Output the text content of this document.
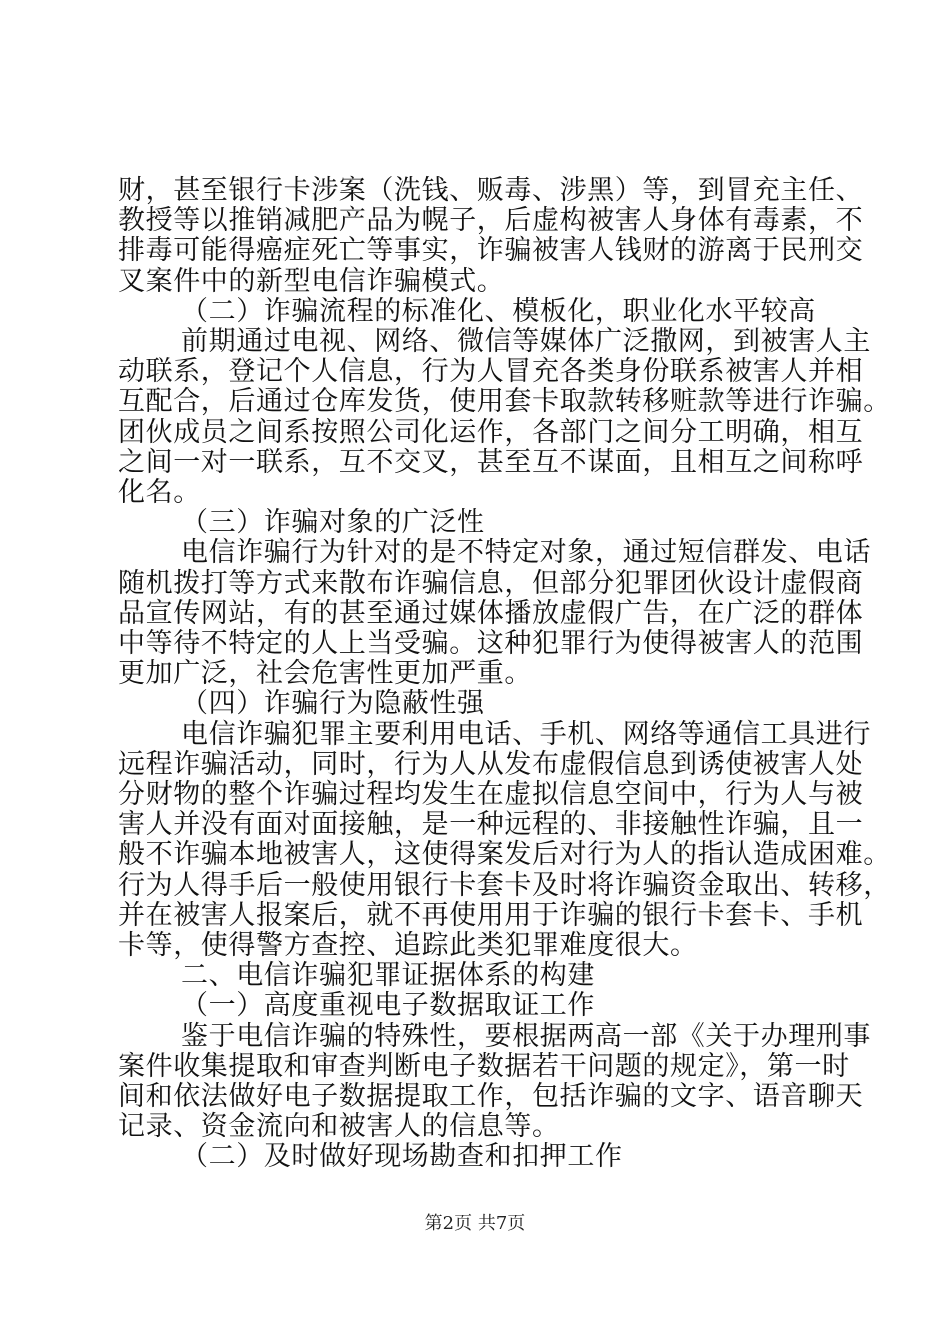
财，甚至银行卡涉案（洗钱、贩毒、涉黑）等，到冒充主任、
教授等以推销减肥产品为幌子，后虚构被害人身体有毒素，不
排毒可能得癌症死亡等事实，诈骗被害人钱财的游离于民刑交
叉案件中的新型电信诈骗模式。
（二）诈骗流程的标准化、模板化，职业化水平较高
前期通过电视、网络、微信等媒体广泛撒网，到被害人主
动联系，登记个人信息，行为人冒充各类身份联系被害人并相
互配合，后通过仓库发货，使用套卡取款转移赃款等进行诈骗。
团伙成员之间系按照公司化运作，各部门之间分工明确，相互
之间一对一联系，互不交叉，甚至互不谋面，且相互之间称呼
化名。
（三）诈骗对象的广泛性
电信诈骗行为针对的是不特定对象，通过短信群发、电话
随机拨打等方式来散布诈骗信息，但部分犯罪团伙设计虚假商
品宣传网站，有的甚至通过媒体播放虚假广告，在广泛的群体
中等待不特定的人上当受骗。这种犯罪行为使得被害人的范围
更加广泛，社会危害性更加严重。
（四）诈骗行为隐蔽性强
电信诈骗犯罪主要利用电话、手机、网络等通信工具进行
远程诈骗活动，同时，行为人从发布虚假信息到诱使被害人处
分财物的整个诈骗过程均发生在虚拟信息空间中，行为人与被
害人并没有面对面接触，是一种远程的、非接触性诈骗，且一
般不诈骗本地被害人，这使得案发后对行为人的指认造成困难。
行为人得手后一般使用银行卡套卡及时将诈骗资金取出、转移，
并在被害人报案后，就不再使用用于诈骗的银行卡套卡、手机
卡等，使得警方查控、追踪此类犯罪难度很大。
二、电信诈骗犯罪证据体系的构建
（一）高度重视电子数据取证工作
鉴于电信诈骗的特殊性，要根据两高一部《关于办理刑事
案件收集提取和审查判断电子数据若干问题的规定》，第一时
间和依法做好电子数据提取工作，包括诈骗的文字、语音聊天
记录、资金流向和被害人的信息等。
（二）及时做好现场勘查和扣押工作
第2页 共7页
